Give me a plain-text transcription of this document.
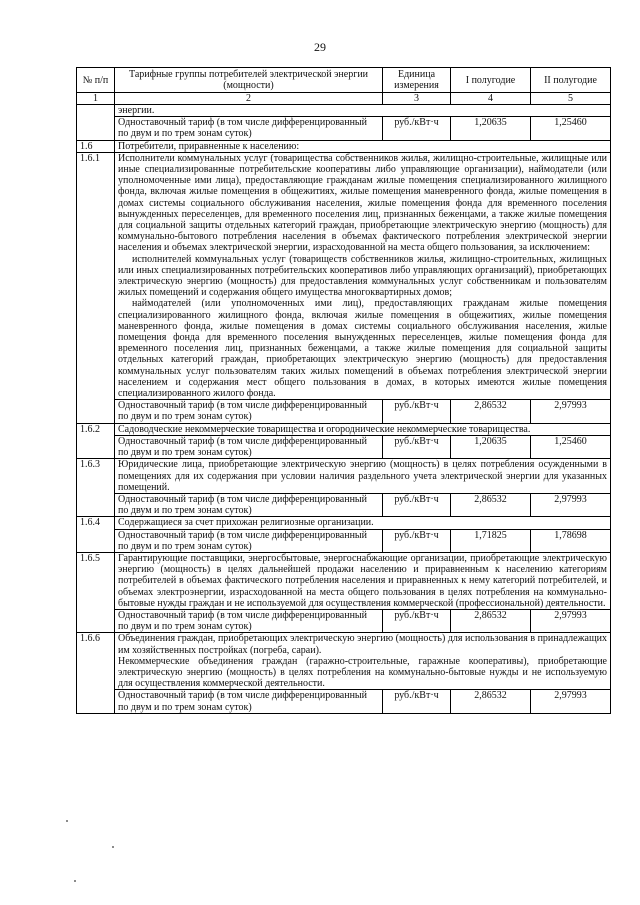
29
№ п/п	Тарифные группы потребителей электрической энергии (мощности)	Единица измерения	I полугодие	II полугодие
1	2	3	4	5
	энергии.			
	Одноставочный тариф (в том числе дифференцированный по двум и по трем зонам суток)	руб./кВт·ч	1,20635	1,25460
1.6	Потребители, приравненные к населению:			
1.6.1	Исполнители коммунальных услуг (товарищества собственников жилья, жилищно-строительные, жилищные или иные специализированные потребительские кооперативы либо управляющие организации), наймодатели (или уполномоченные ими лица), предоставляющие гражданам жилые помещения специализированного жилищного фонда, включая жилые помещения в общежитиях, жилые помещения маневренного фонда, жилые помещения в домах системы социального обслуживания населения, жилые помещения фонда для временного поселения вынужденных переселенцев, для временного поселения лиц, признанных беженцами, а также жилые помещения для социальной защиты отдельных категорий граждан, приобретающие электрическую энергию (мощность) для коммунально-бытового потребления населения в объемах фактического потребления электрической энергии населения и объемах электрической энергии, израсходованной на места общего пользования, за исключением:
исполнителей коммунальных услуг (товариществ собственников жилья, жилищно-строительных, жилищных или иных специализированных потребительских кооперативов либо управляющих организаций), приобретающих электрическую энергию (мощность) для предоставления коммунальных услуг собственникам и пользователям жилых помещений и содержания общего имущества многоквартирных домов;
наймодателей (или уполномоченных ими лиц), предоставляющих гражданам жилые помещения специализированного жилищного фонда, включая жилые помещения в общежитиях, жилые помещения маневренного фонда, жилые помещения в домах системы социального обслуживания населения, жилые помещения фонда для временного поселения вынужденных переселенцев, жилые помещения фонда для временного поселения лиц, признанных беженцами, а также жилые помещения для социальной защиты отдельных категорий граждан, приобретающих электрическую энергию (мощность) для предоставления коммунальных услуг пользователям таких жилых помещений в объемах потребления электрической энергии населением и содержания мест общего пользования в домах, в которых имеются жилые помещения специализированного жилого фонда.			

	Одноставочный тариф (в том числе дифференцированный по двум и по трем зонам суток)	руб./кВт·ч	2,86532	2,97993
1.6.2	Садоводческие некоммерческие товарищества и огороднические некоммерческие товарищества.			
	Одноставочный тариф (в том числе дифференцированный по двум и по трем зонам суток)	руб./кВт·ч	1,20635	1,25460
1.6.3	Юридические лица, приобретающие электрическую энергию (мощность) в целях потребления осужденными в помещениях для их содержания при условии наличия раздельного учета электрической энергии для указанных помещений.			
	Одноставочный тариф (в том числе дифференцированный по двум и по трем зонам суток)	руб./кВт·ч	2,86532	2,97993
1.6.4	Содержащиеся за счет прихожан религиозные организации.			
	Одноставочный тариф (в том числе дифференцированный по двум и по трем зонам суток)	руб./кВт·ч	1,71825	1,78698
1.6.5	Гарантирующие поставщики, энергосбытовые, энергоснабжающие организации, приобретающие электрическую энергию (мощность) в целях дальнейшей продажи населению и приравненным к населению категориям потребителей в объемах фактического потребления населения и приравненных к нему категорий потребителей, и объемах электроэнергии, израсходованной на места общего пользования в целях потребления на коммунально-бытовые нужды граждан и не используемой для осуществления коммерческой (профессиональной) деятельности.			
	Одноставочный тариф (в том числе дифференцированный по двум и по трем зонам суток)	руб./кВт·ч	2,86532	2,97993
1.6.6	Объединения граждан, приобретающих электрическую энергию (мощность) для использования в принадлежащих им хозяйственных постройках (погреба, сараи).
Некоммерческие объединения граждан (гаражно-строительные, гаражные кооперативы), приобретающие электрическую энергию (мощность) в целях потребления на коммунально-бытовые нужды и не используемую для осуществления коммерческой деятельности.			

	Одноставочный тариф (в том числе дифференцированный по двум и по трем зонам суток)	руб./кВт·ч	2,86532	2,97993
